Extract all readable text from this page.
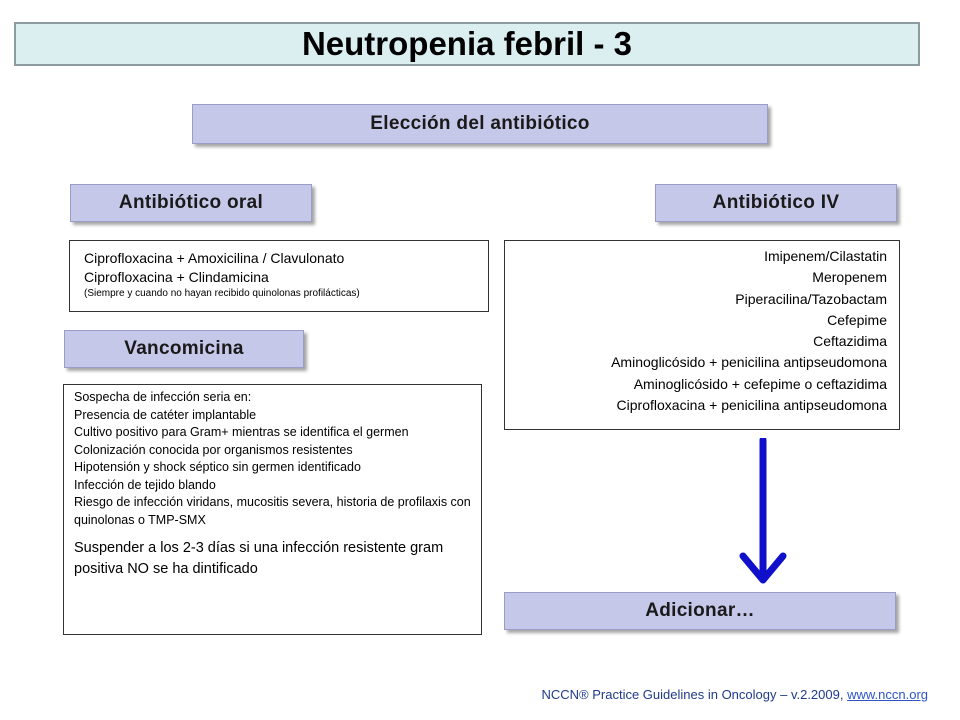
Neutropenia febril - 3
Elección del antibiótico
Antibiótico oral	Antibiótico IV
Ciprofloxacina + Amoxicilina / Clavulonato
Ciprofloxacina + Clindamicina
(Siempre y cuando no hayan recibido quinolonas profilácticas)
Imipenem/Cilastatin
Meropenem
Piperacilina/Tazobactam
Cefepime
Ceftazidima
Aminoglicósido + penicilina antipseudomona
Aminoglicósido + cefepime o ceftazidima
Ciprofloxacina + penicilina antipseudomona
Vancomicina
Sospecha de infección seria en:
Presencia de catéter implantable
Cultivo positivo para Gram+ mientras se identifica el germen
Colonización conocida por organismos resistentes
Hipotensión y shock séptico sin germen identificado
Infección de tejido blando
Riesgo de infección viridans, mucositis severa, historia de profilaxis con quinolonas o TMP-SMX
Suspender a los 2-3 días si una infección resistente gram positiva NO se ha dintificado
Adicionar…
NCCN® Practice Guidelines in Oncology – v.2.2009, www.nccn.org
